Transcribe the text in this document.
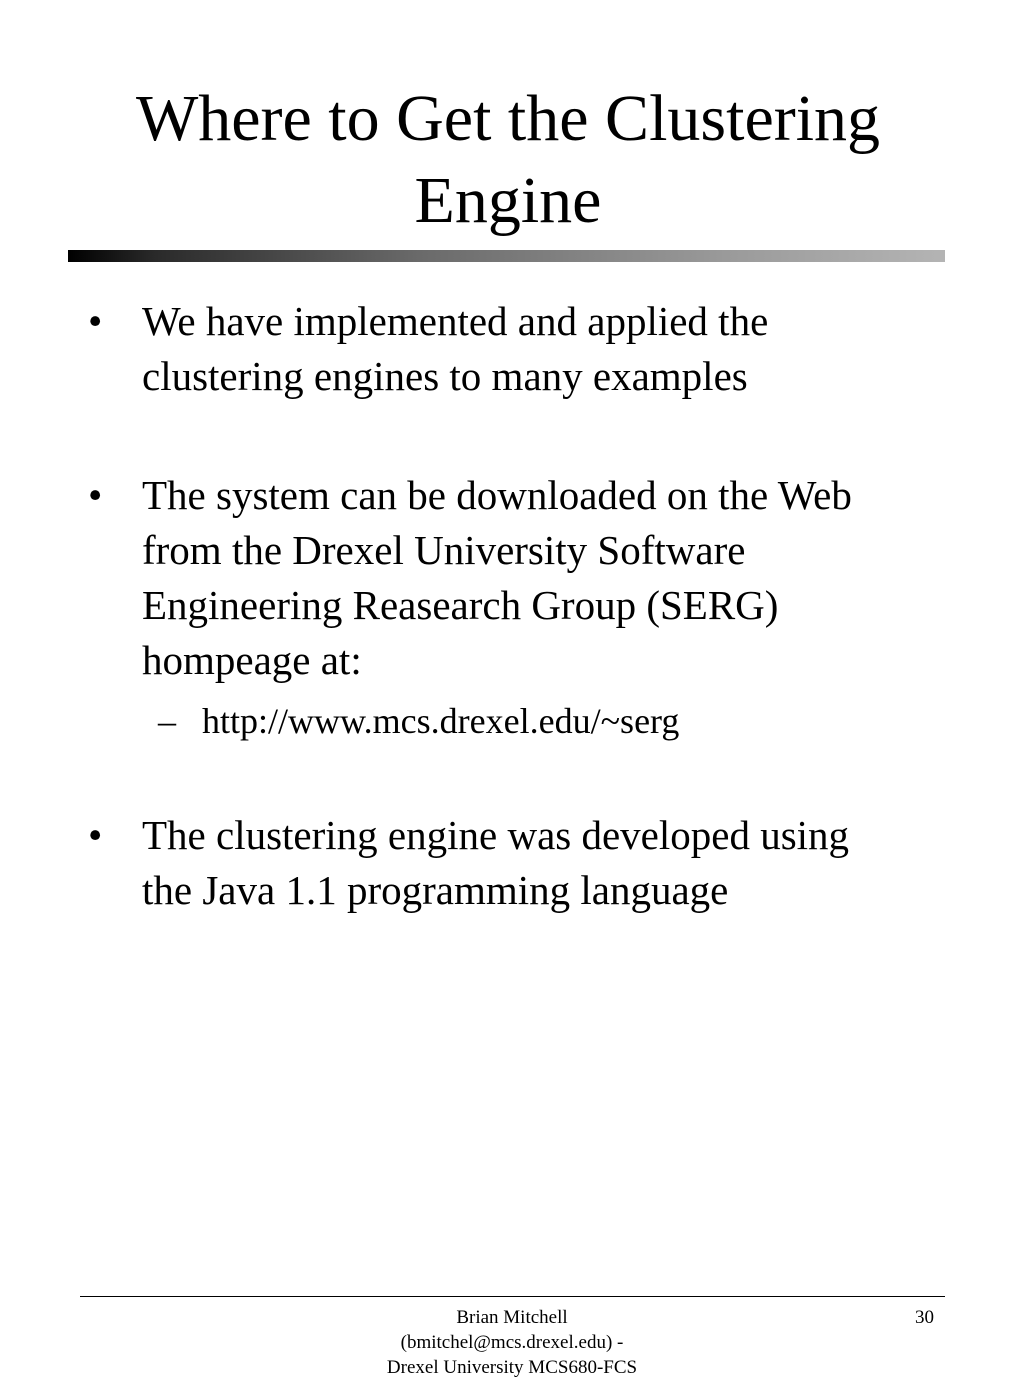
Where to Get the Clustering
Engine
• We have implemented and applied the
clustering engines to many examples
• The system can be downloaded on the Web
from the Drexel University Software
Engineering Reasearch Group (SERG)
hompeage at:
– http://www.mcs.drexel.edu/~serg
• The clustering engine was developed using
the Java 1.1 programming language
Brian Mitchell
(bmitchel@mcs.drexel.edu) -
Drexel University MCS680-FCS
30
